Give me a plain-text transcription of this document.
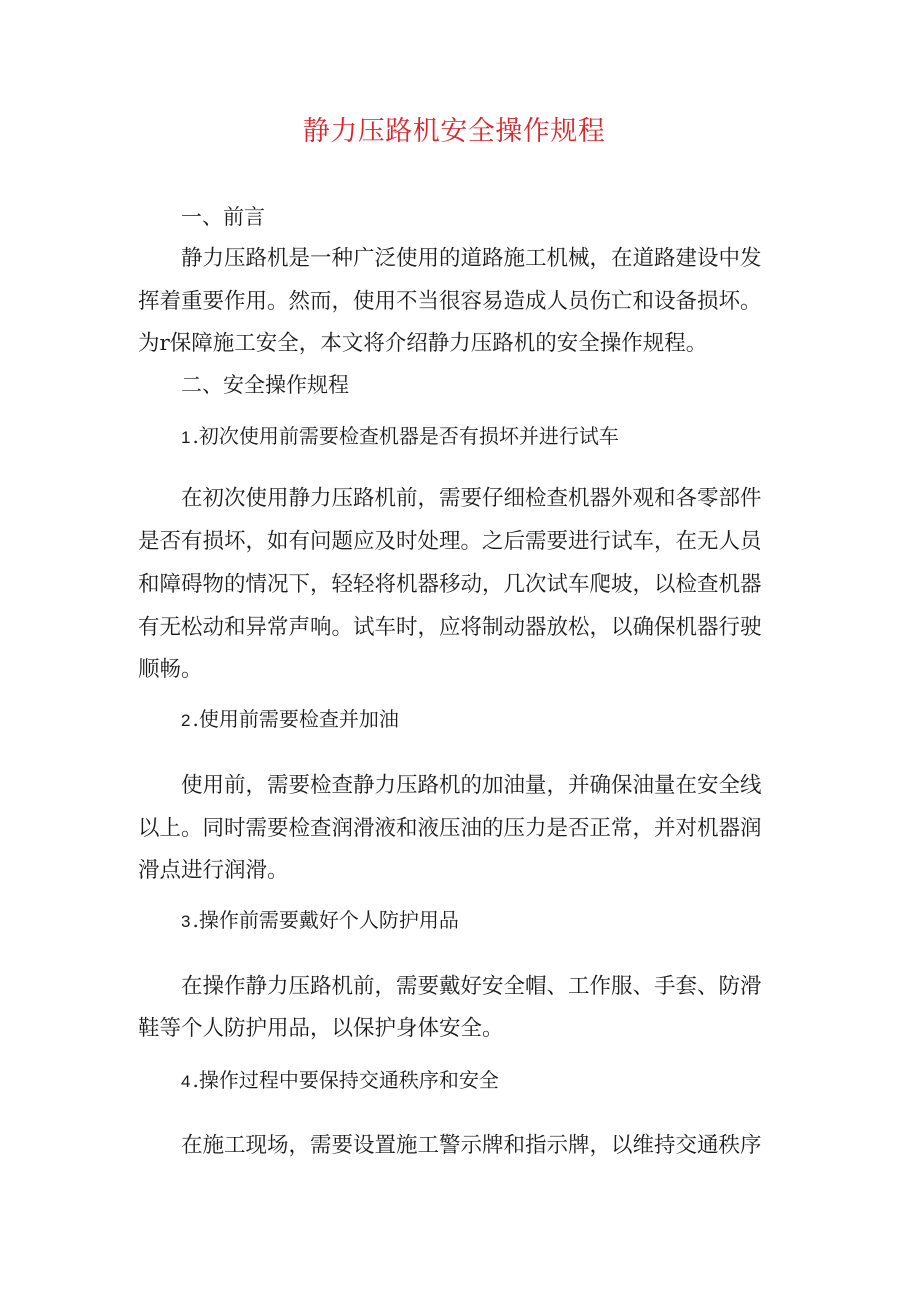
静力压路机安全操作规程
一、前言
静力压路机是一种广泛使用的道路施工机械，在道路建设中发
挥着重要作用。然而，使用不当很容易造成人员伤亡和设备损坏。
为r保障施工安全，本文将介绍静力压路机的安全操作规程。
二、安全操作规程
1 .初次使用前需要检查机器是否有损坏并进行试车
在初次使用静力压路机前，需要仔细检查机器外观和各零部件
是否有损坏，如有问题应及时处理。之后需要进行试车，在无人员
和障碍物的情况下，轻轻将机器移动，几次试车爬坡，以检查机器
有无松动和异常声响。试车时，应将制动器放松，以确保机器行驶
顺畅。
2 .使用前需要检查并加油
使用前，需要检查静力压路机的加油量，并确保油量在安全线
以上。同时需要检查润滑液和液压油的压力是否正常，并对机器润
滑点进行润滑。
3 .操作前需要戴好个人防护用品
在操作静力压路机前，需要戴好安全帽、工作服、手套、防滑
鞋等个人防护用品，以保护身体安全。
4 .操作过程中要保持交通秩序和安全
在施工现场，需要设置施工警示牌和指示牌，以维持交通秩序
